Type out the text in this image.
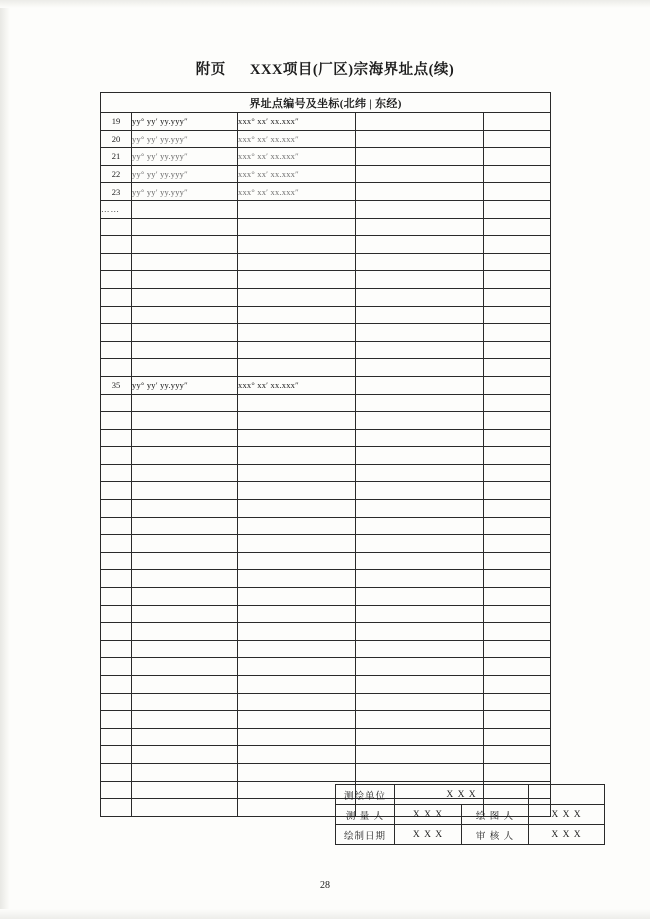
附页 XXX项目(厂区)宗海界址点(续)
界址点编号及坐标(北纬 | 东经)				
19	yy° yy′ yy.yyy″	xxx° xx′ xx.xxx″		
20	yy° yy′ yy.yyy″	xxx° xx′ xx.xxx″		
21	yy° yy′ yy.yyy″	xxx° xx′ xx.xxx″		
22	yy° yy′ yy.yyy″	xxx° xx′ xx.xxx″		
23	yy° yy′ yy.yyy″	xxx° xx′ xx.xxx″		
……				

35	yy° yy′ yy.yyy″	xxx° xx′ xx.xxx″		

测绘单位	X X X		
测 量 人	X X X	绘 图 人	X X X
绘制日期	X X X	审 核 人	X X X
28
